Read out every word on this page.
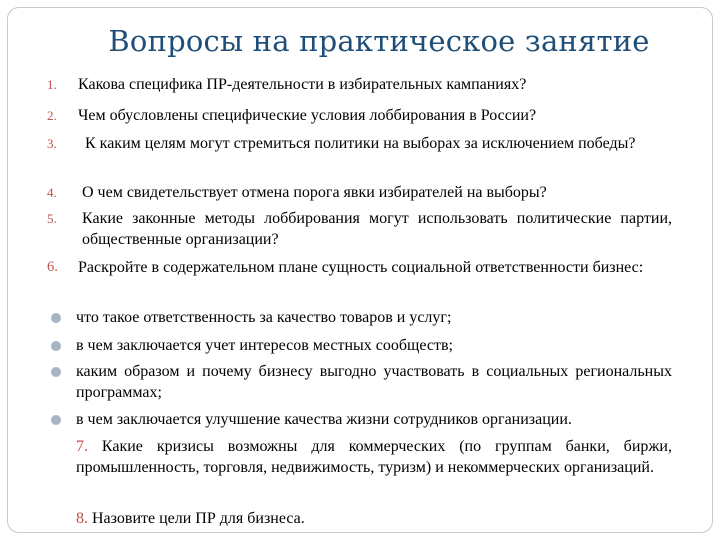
Вопросы на практическое занятие
1. Какова специфика ПР-деятельности в избирательных кампаниях?
2. Чем обусловлены специфические условия лоббирования в России?
3. К каким целям могут стремиться политики на выборах за исключением победы?
4. О чем свидетельствует отмена порога явки избирателей на выборы?
5. Какие законные методы лоббирования могут использовать политические партии, общественные организации?
6. Раскройте в содержательном плане сущность социальной ответственности бизнес:
что такое ответственность за качество товаров и услуг;
в чем заключается учет интересов местных сообществ;
каким образом и почему бизнесу выгодно участвовать в социальных региональных программах;
в чем заключается улучшение качества жизни сотрудников организации.
7. Какие кризисы возможны для коммерческих (по группам банки, биржи, промышленность, торговля, недвижимость, туризм) и некоммерческих организаций.
8. Назовите цели ПР для бизнеса.
